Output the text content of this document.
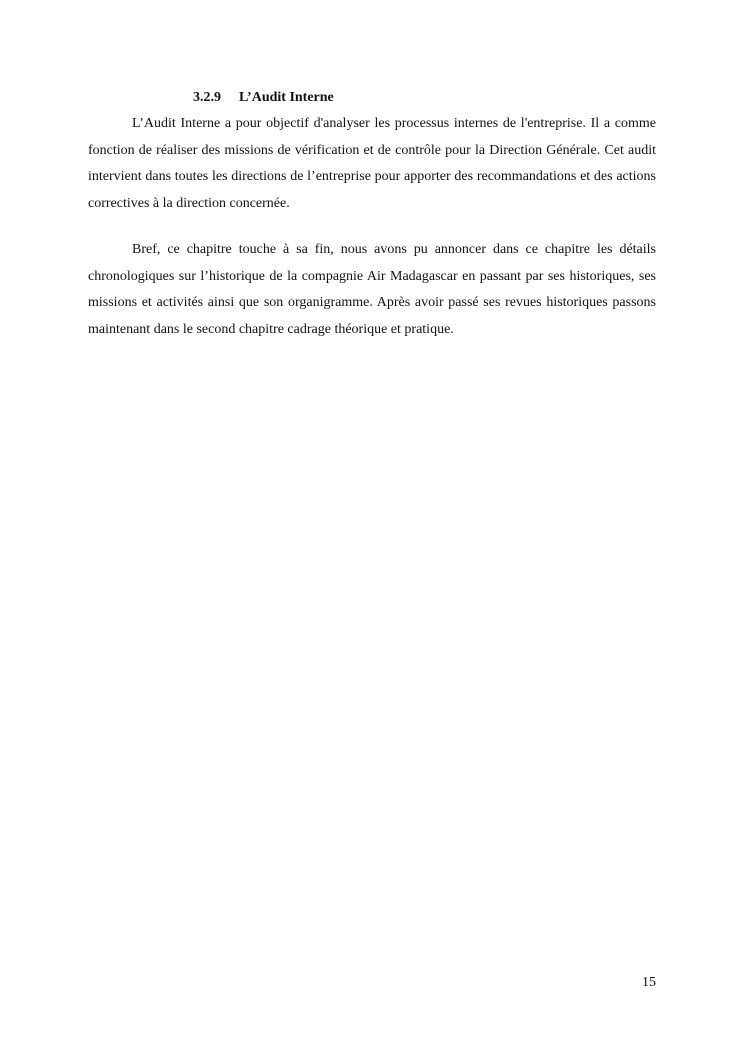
3.2.9 L’Audit Interne

L’Audit Interne a pour objectif d'analyser les processus internes de l'entreprise. Il a comme fonction de réaliser des missions de vérification et de contrôle pour la Direction Générale. Cet audit intervient dans toutes les directions de l’entreprise pour apporter des recommandations et des actions correctives à la direction concernée.

Bref, ce chapitre touche à sa fin, nous avons pu annoncer dans ce chapitre les détails chronologiques sur l’historique de la compagnie Air Madagascar en passant par ses historiques, ses missions et activités ainsi que son organigramme. Après avoir passé ses revues historiques passons maintenant dans le second chapitre cadrage théorique et pratique.

15
